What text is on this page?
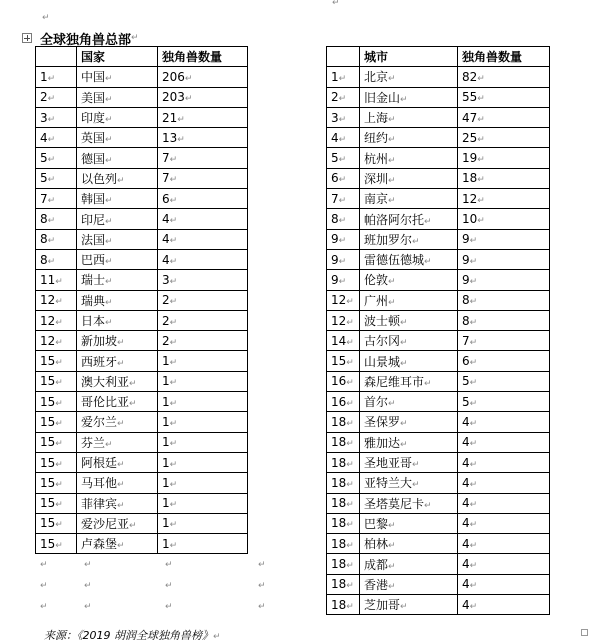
↵
↵
全球独角兽总部 ↵
	国家	独角兽数量
1↵	中国↵	206↵
2↵	美国↵	203↵
3↵	印度↵	21↵
4↵	英国↵	13↵
5↵	德国↵	7↵
5↵	以色列↵	7↵
7↵	韩国↵	6↵
8↵	印尼↵	4↵
8↵	法国↵	4↵
8↵	巴西↵	4↵
11↵	瑞士↵	3↵
12↵	瑞典↵	2↵
12↵	日本↵	2↵
12↵	新加坡↵	2↵
15↵	西班牙↵	1↵
15↵	澳大利亚↵	1↵
15↵	哥伦比亚↵	1↵
15↵	爱尔兰↵	1↵
15↵	芬兰↵	1↵
15↵	阿根廷↵	1↵
15↵	马耳他↵	1↵
15↵	菲律宾↵	1↵
15↵	爱沙尼亚↵	1↵
15↵	卢森堡↵	1↵
	城市	独角兽数量
1↵	北京↵	82↵
2↵	旧金山↵	55↵
3↵	上海↵	47↵
4↵	纽约↵	25↵
5↵	杭州↵	19↵
6↵	深圳↵	18↵
7↵	南京↵	12↵
8↵	帕洛阿尔托↵	10↵
9↵	班加罗尔↵	9↵
9↵	雷德伍德城↵	9↵
9↵	伦敦↵	9↵
12↵	广州↵	8↵
12↵	波士顿↵	8↵
14↵	古尔冈↵	7↵
15↵	山景城↵	6↵
16↵	森尼维耳市↵	5↵
16↵	首尔↵	5↵
18↵	圣保罗↵	4↵
18↵	雅加达↵	4↵
18↵	圣地亚哥↵	4↵
18↵	亚特兰大↵	4↵
18↵	圣塔莫尼卡↵	4↵
18↵	巴黎↵	4↵
18↵	柏林↵	4↵
18↵	成都↵	4↵
18↵	香港↵	4↵
18↵	芝加哥↵	4↵
来源：《2019 胡润全球独角兽榜》↵
↵	↵	↵	↵
↵	↵	↵	↵
↵	↵	↵	↵
